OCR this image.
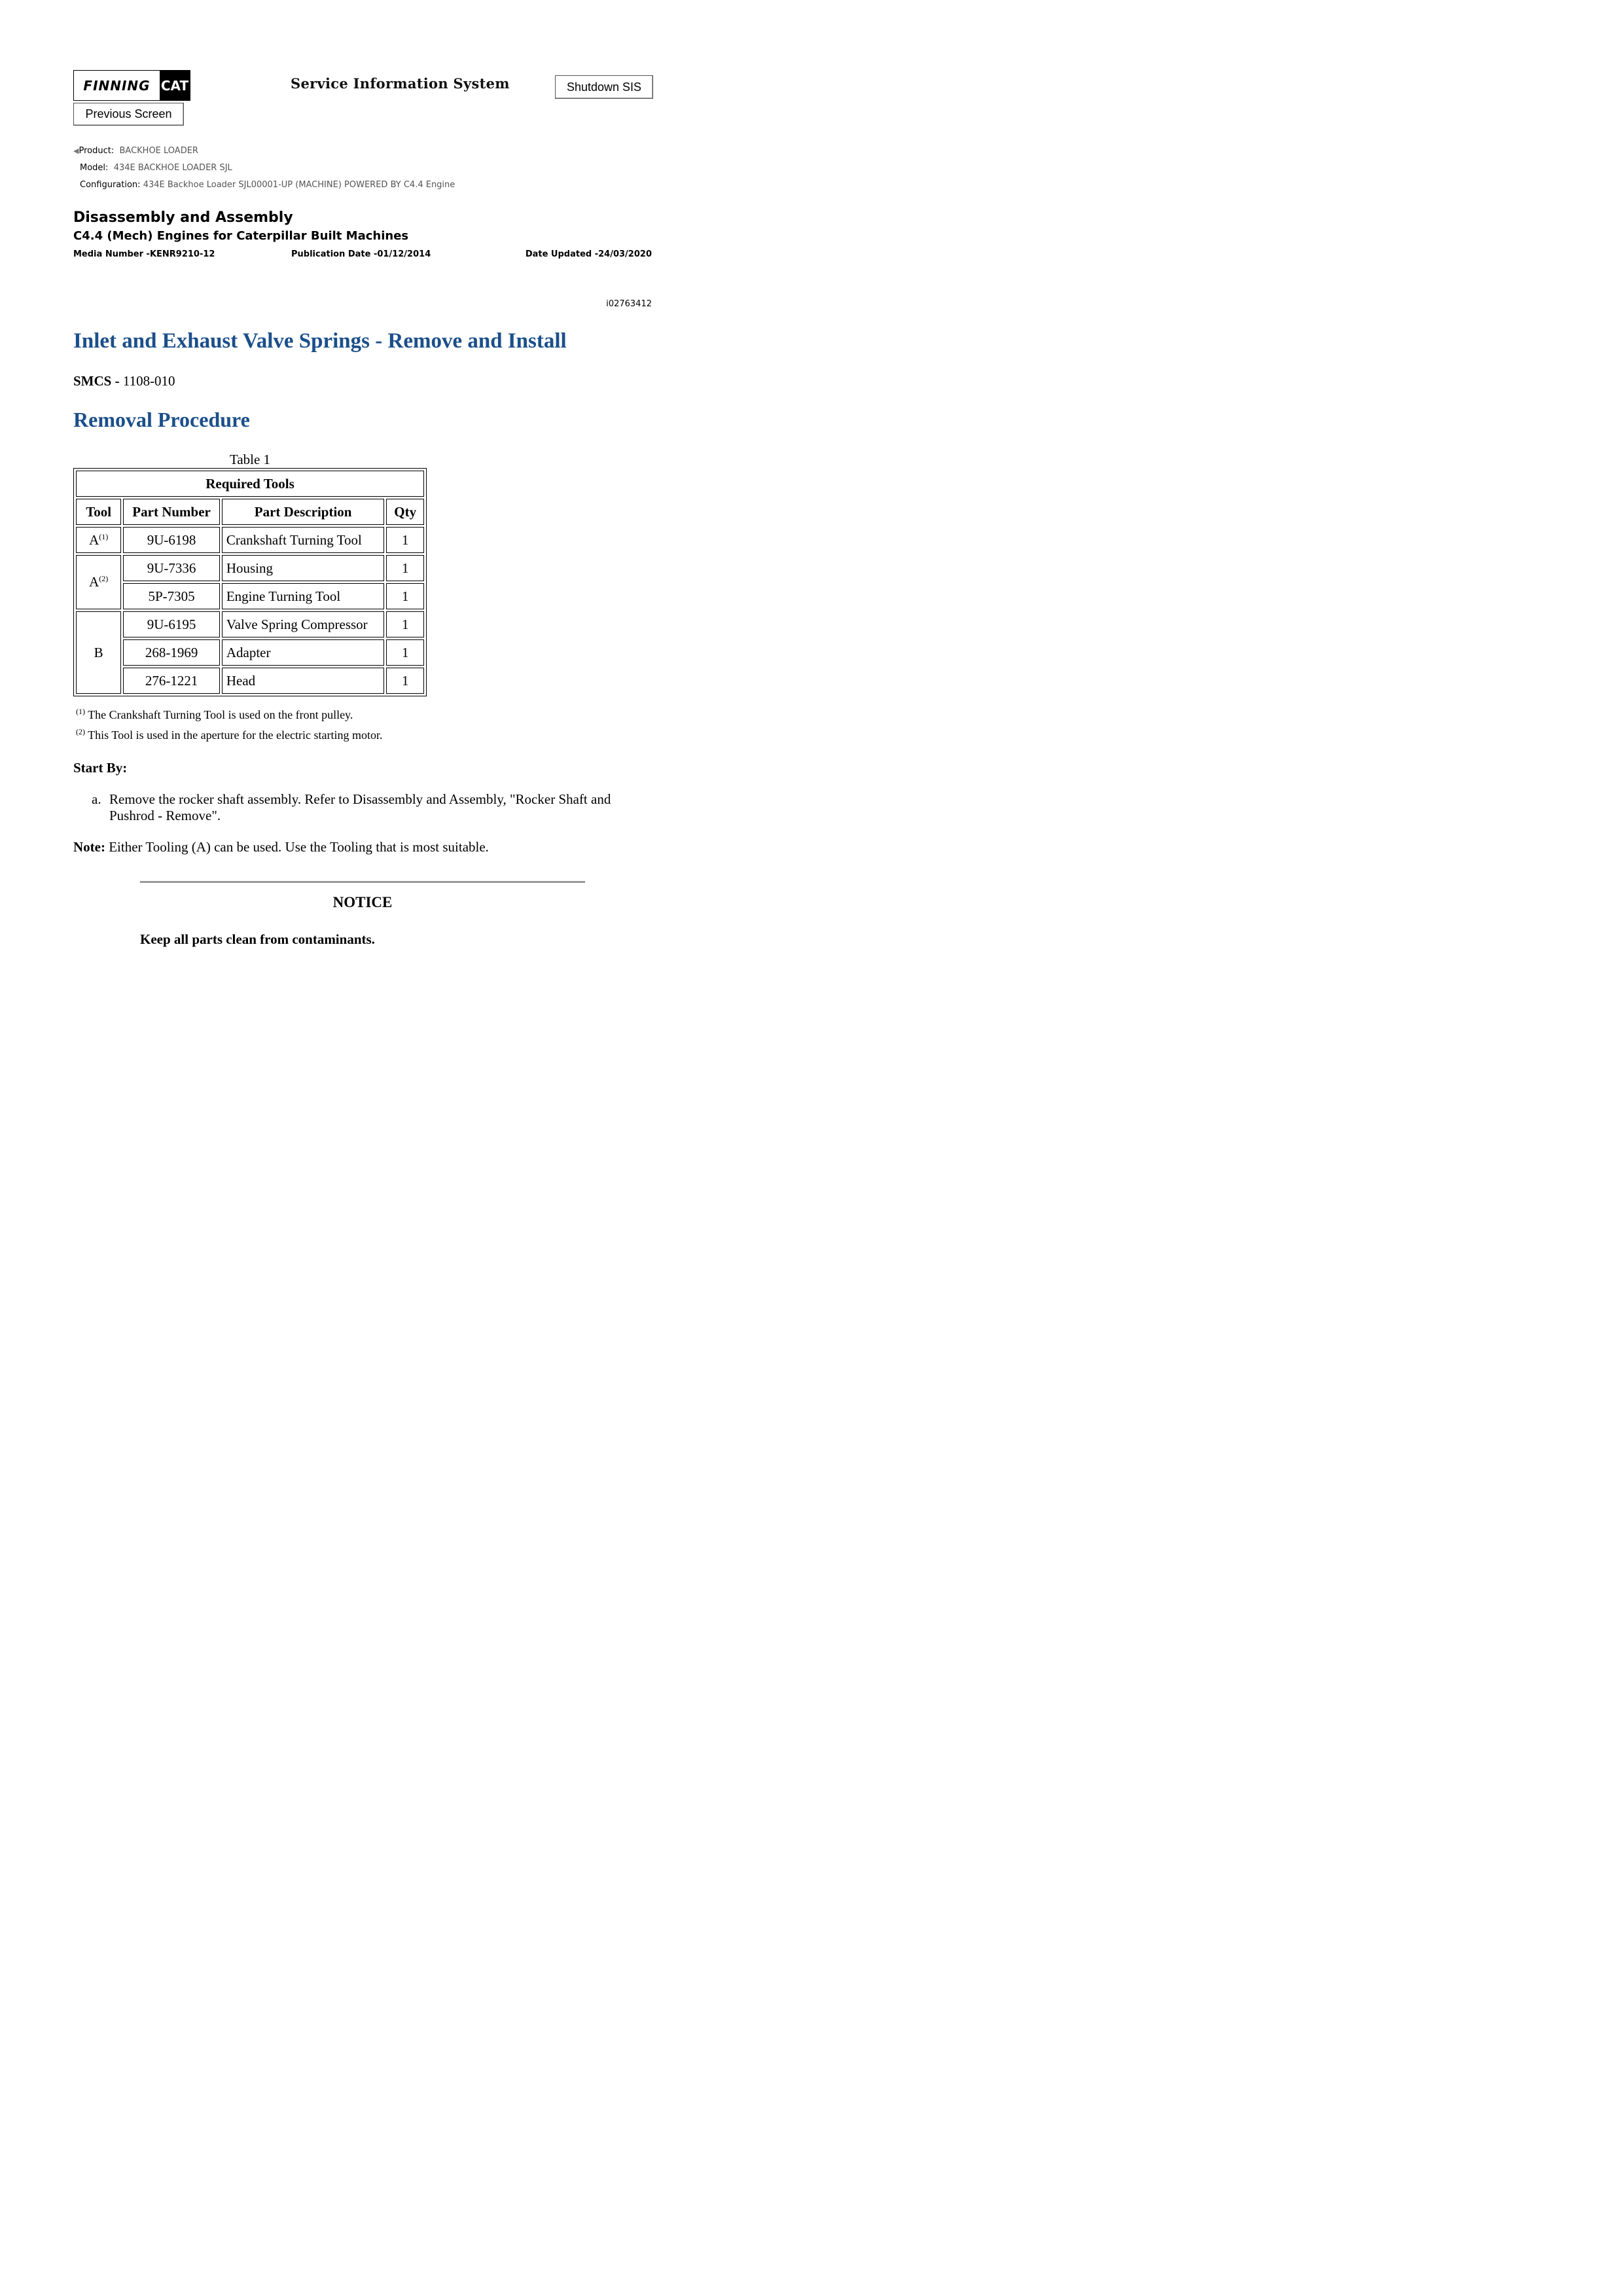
FINNING CAT	Service Information System	Shutdown SIS
Previous Screen
◀Product: BACKHOE LOADER
Model: 434E BACKHOE LOADER SJL
Configuration: 434E Backhoe Loader SJL00001-UP (MACHINE) POWERED BY C4.4 Engine
Disassembly and Assembly
C4.4 (Mech) Engines for Caterpillar Built Machines
Media Number -KENR9210-12	Publication Date -01/12/2014	Date Updated -24/03/2020
i02763412
Inlet and Exhaust Valve Springs - Remove and Install
SMCS - 1108-010
Removal Procedure
Table 1
Required Tools			
Tool	Part Number	Part Description	Qty
$A^{(1)}$	9U-6198	Crankshaft Turning Tool	1
$A^{(2)}$	9U-7336	Housing	1
	5P-7305	Engine Turning Tool	1
B	9U-6195	Valve Spring Compressor	1
	268-1969	Adapter	1
	276-1221	Head	1
$^{(1)}$ The Crankshaft Turning Tool is used on the front pulley.
$^{(2)}$ This Tool is used in the aperture for the electric starting motor.
Start By:
a. Remove the rocker shaft assembly. Refer to Disassembly and Assembly, "Rocker Shaft and Pushrod - Remove".
Note: Either Tooling (A) can be used. Use the Tooling that is most suitable.
NOTICE
Keep all parts clean from contaminants.
